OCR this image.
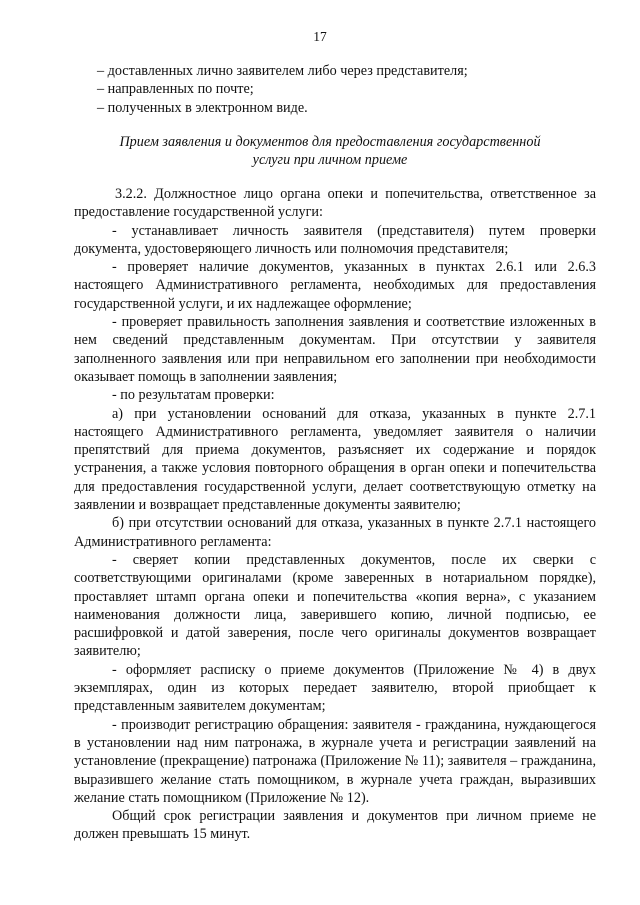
17
– доставленных лично заявителем либо через представителя;
– направленных по почте;
– полученных в электронном виде.
Прием заявления и документов для предоставления государственной
услуги при личном приеме

3.2.2. Должностное лицо органа опеки и попечительства, ответственное за предоставление государственной услуги:

- устанавливает личность заявителя (представителя) путем проверки документа, удостоверяющего личность или полномочия представителя;

- проверяет наличие документов, указанных в пунктах 2.6.1 или 2.6.3 настоящего Административного регламента, необходимых для предоставления государственной услуги, и их надлежащее оформление;

- проверяет правильность заполнения заявления и соответствие изложенных в нем сведений представленным документам. При отсутствии у заявителя заполненного заявления или при неправильном его заполнении при необходимости оказывает помощь в заполнении заявления;

- по результатам проверки:

а) при установлении оснований для отказа, указанных в пункте 2.7.1 настоящего Административного регламента, уведомляет заявителя о наличии препятствий для приема документов, разъясняет их содержание и порядок устранения, а также условия повторного обращения в орган опеки и попечительства для предоставления государственной услуги, делает соответствующую отметку на заявлении и возвращает представленные документы заявителю;

б) при отсутствии оснований для отказа, указанных в пункте 2.7.1 настоящего Административного регламента:

- сверяет копии представленных документов, после их сверки с соответствующими оригиналами (кроме заверенных в нотариальном порядке), проставляет штамп органа опеки и попечительства «копия верна», с указанием наименования должности лица, заверившего копию, личной подписью, ее расшифровкой и датой заверения, после чего оригиналы документов возвращает заявителю;

- оформляет расписку о приеме документов (Приложение № 4) в двух экземплярах, один из которых передает заявителю, второй приобщает к представленным заявителем документам;

- производит регистрацию обращения: заявителя - гражданина, нуждающегося в установлении над ним патронажа, в журнале учета и регистрации заявлений на установление (прекращение) патронажа (Приложение № 11); заявителя – гражданина, выразившего желание стать помощником, в журнале учета граждан, выразивших желание стать помощником (Приложение № 12).

Общий срок регистрации заявления и документов при личном приеме не должен превышать 15 минут.
